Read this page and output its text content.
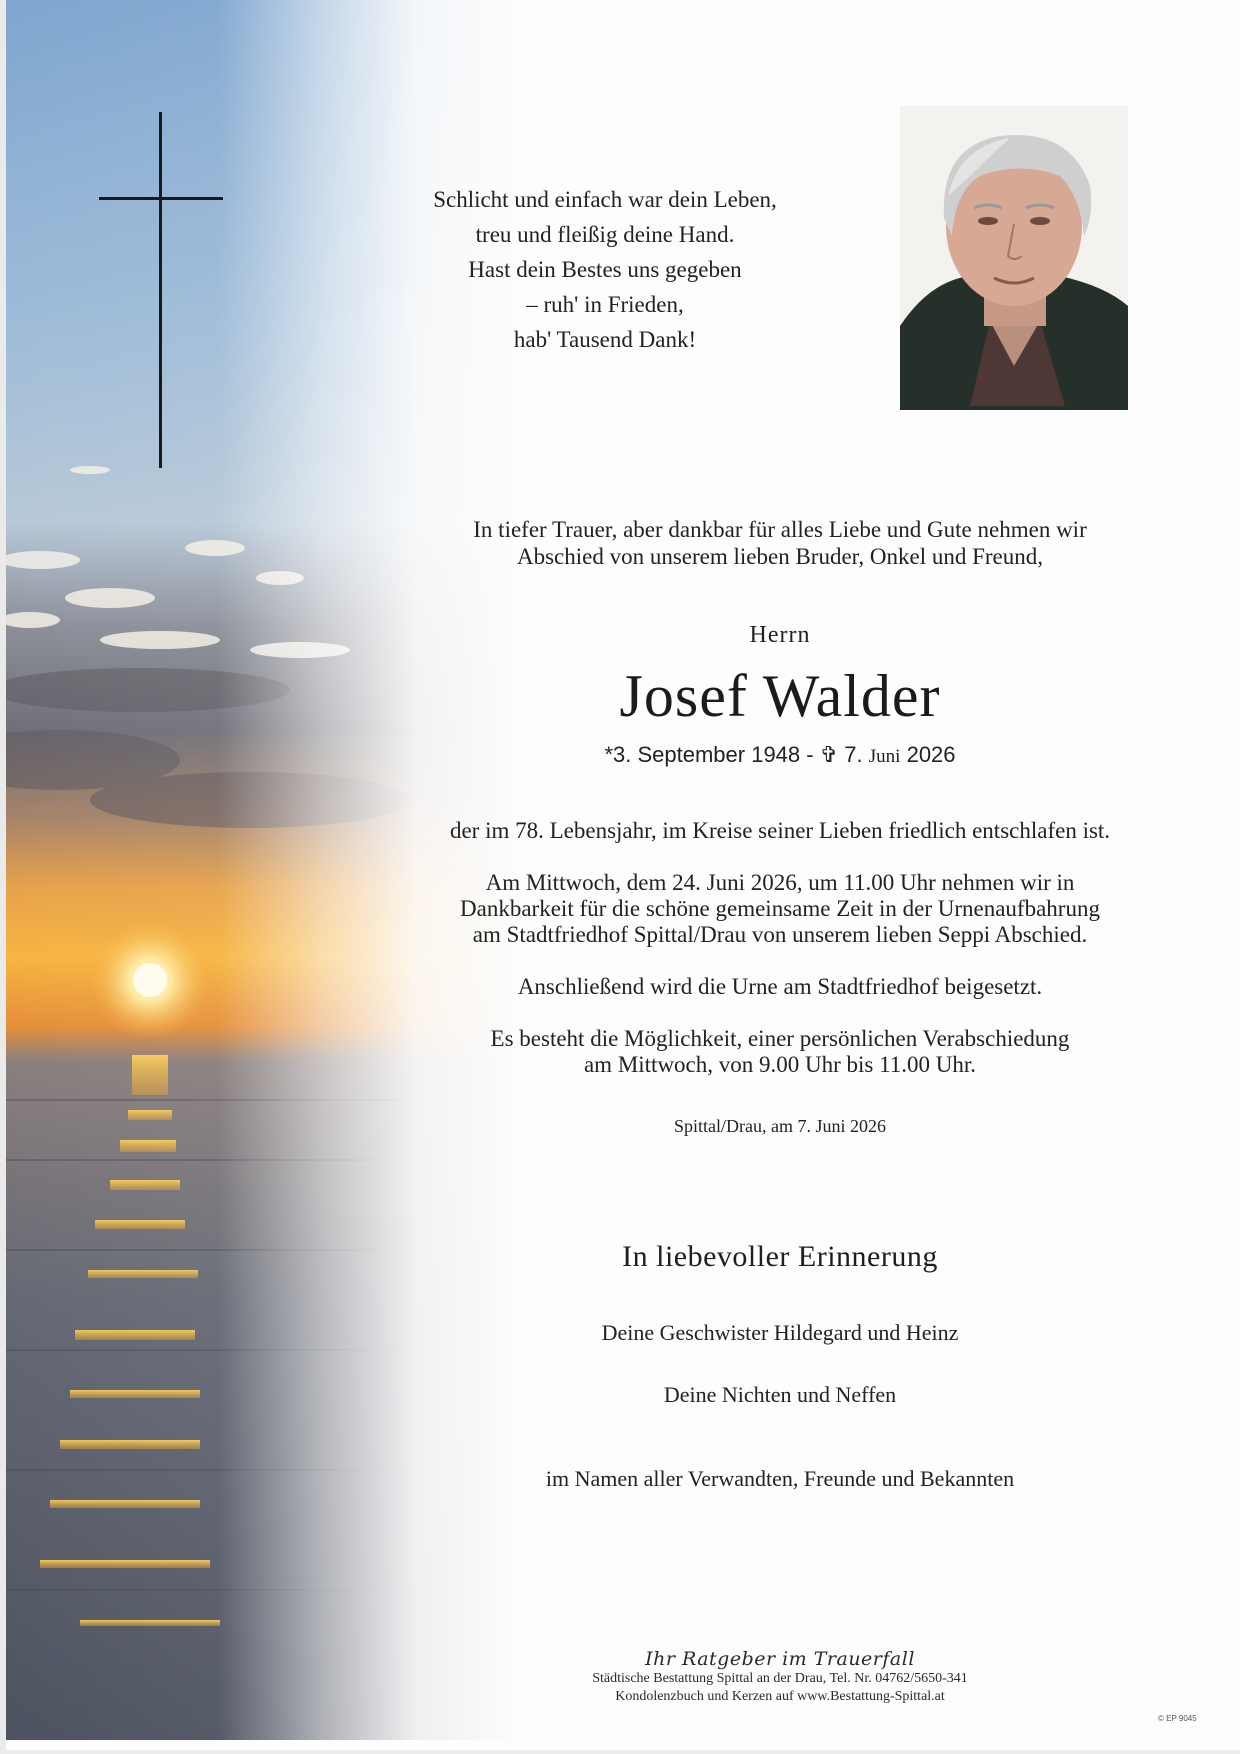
Schlicht und einfach war dein Leben,
treu und fleißig deine Hand.
Hast dein Bestes uns gegeben
– ruh' in Frieden,
hab' Tausend Dank!
In tiefer Trauer, aber dankbar für alles Liebe und Gute nehmen wir
Abschied von unserem lieben Bruder, Onkel und Freund,
Herrn
Josef Walder
*3. September 1948 - ✞ 7. Juni 2026
der im 78. Lebensjahr, im Kreise seiner Lieben friedlich entschlafen ist.
Am Mittwoch, dem 24. Juni 2026, um 11.00 Uhr nehmen wir in
Dankbarkeit für die schöne gemeinsame Zeit in der Urnenaufbahrung
am Stadtfriedhof Spittal/Drau von unserem lieben Seppi Abschied.
Anschließend wird die Urne am Stadtfriedhof beigesetzt.
Es besteht die Möglichkeit, einer persönlichen Verabschiedung
am Mittwoch, von 9.00 Uhr bis 11.00 Uhr.
Spittal/Drau, am 7. Juni 2026
In liebevoller Erinnerung
Deine Geschwister Hildegard und Heinz
Deine Nichten und Neffen
im Namen aller Verwandten, Freunde und Bekannten
Ihr Ratgeber im Trauerfall
Städtische Bestattung Spittal an der Drau, Tel. Nr. 04762/5650-341
Kondolenzbuch und Kerzen auf www.Bestattung-Spittal.at
© EP 9045
